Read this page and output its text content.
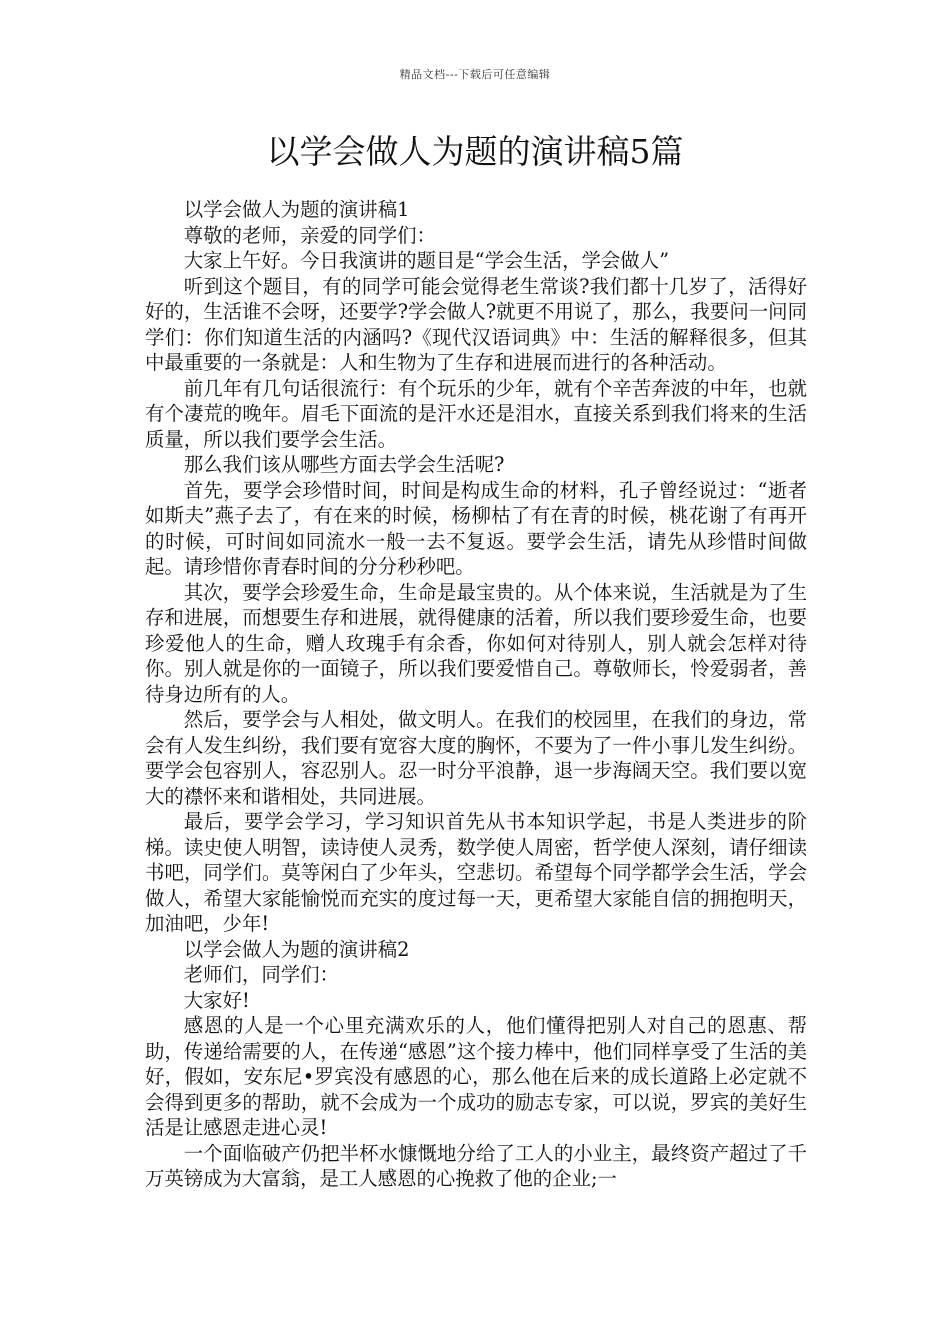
精品文档---下载后可任意编辑
以学会做人为题的演讲稿5篇

以学会做人为题的演讲稿1

尊敬的老师，亲爱的同学们：

大家上午好。今日我演讲的题目是“学会生活，学会做人”

听到这个题目，有的同学可能会觉得老生常谈?我们都十几岁了，活得好好的，生活谁不会呀，还要学?学会做人?就更不用说了，那么，我要问一问同学们：你们知道生活的内涵吗?《现代汉语词典》中：生活的解释很多，但其中最重要的一条就是：人和生物为了生存和进展而进行的各种活动。

前几年有几句话很流行：有个玩乐的少年，就有个辛苦奔波的中年，也就有个凄荒的晚年。眉毛下面流的是汗水还是泪水，直接关系到我们将来的生活质量，所以我们要学会生活。

那么我们该从哪些方面去学会生活呢?

首先，要学会珍惜时间，时间是构成生命的材料，孔子曾经说过：“逝者如斯夫”燕子去了，有在来的时候，杨柳枯了有在青的时候，桃花谢了有再开的时候，可时间如同流水一般一去不复返。要学会生活，请先从珍惜时间做起。请珍惜你青春时间的分分秒秒吧。

其次，要学会珍爱生命，生命是最宝贵的。从个体来说，生活就是为了生存和进展，而想要生存和进展，就得健康的活着，所以我们要珍爱生命，也要珍爱他人的生命，赠人玫瑰手有余香，你如何对待别人，别人就会怎样对待你。别人就是你的一面镜子，所以我们要爱惜自己。尊敬师长，怜爱弱者，善待身边所有的人。

然后，要学会与人相处，做文明人。在我们的校园里，在我们的身边，常会有人发生纠纷，我们要有宽容大度的胸怀，不要为了一件小事儿发生纠纷。要学会包容别人，容忍别人。忍一时分平浪静，退一步海阔天空。我们要以宽大的襟怀来和谐相处，共同进展。

最后，要学会学习，学习知识首先从书本知识学起，书是人类进步的阶梯。读史使人明智，读诗使人灵秀，数学使人周密，哲学使人深刻，请仔细读书吧，同学们。莫等闲白了少年头，空悲切。希望每个同学都学会生活，学会做人，希望大家能愉悦而充实的度过每一天，更希望大家能自信的拥抱明天，加油吧，少年!

以学会做人为题的演讲稿2

老师们，同学们：

大家好!

感恩的人是一个心里充满欢乐的人，他们懂得把别人对自己的恩惠、帮助，传递给需要的人，在传递“感恩”这个接力棒中，他们同样享受了生活的美好，假如，安东尼•罗宾没有感恩的心，那么他在后来的成长道路上必定就不会得到更多的帮助，就不会成为一个成功的励志专家，可以说，罗宾的美好生活是让感恩走进心灵!

一个面临破产仍把半杯水慷慨地分给了工人的小业主，最终资产超过了千万英镑成为大富翁，是工人感恩的心挽救了他的企业;一
